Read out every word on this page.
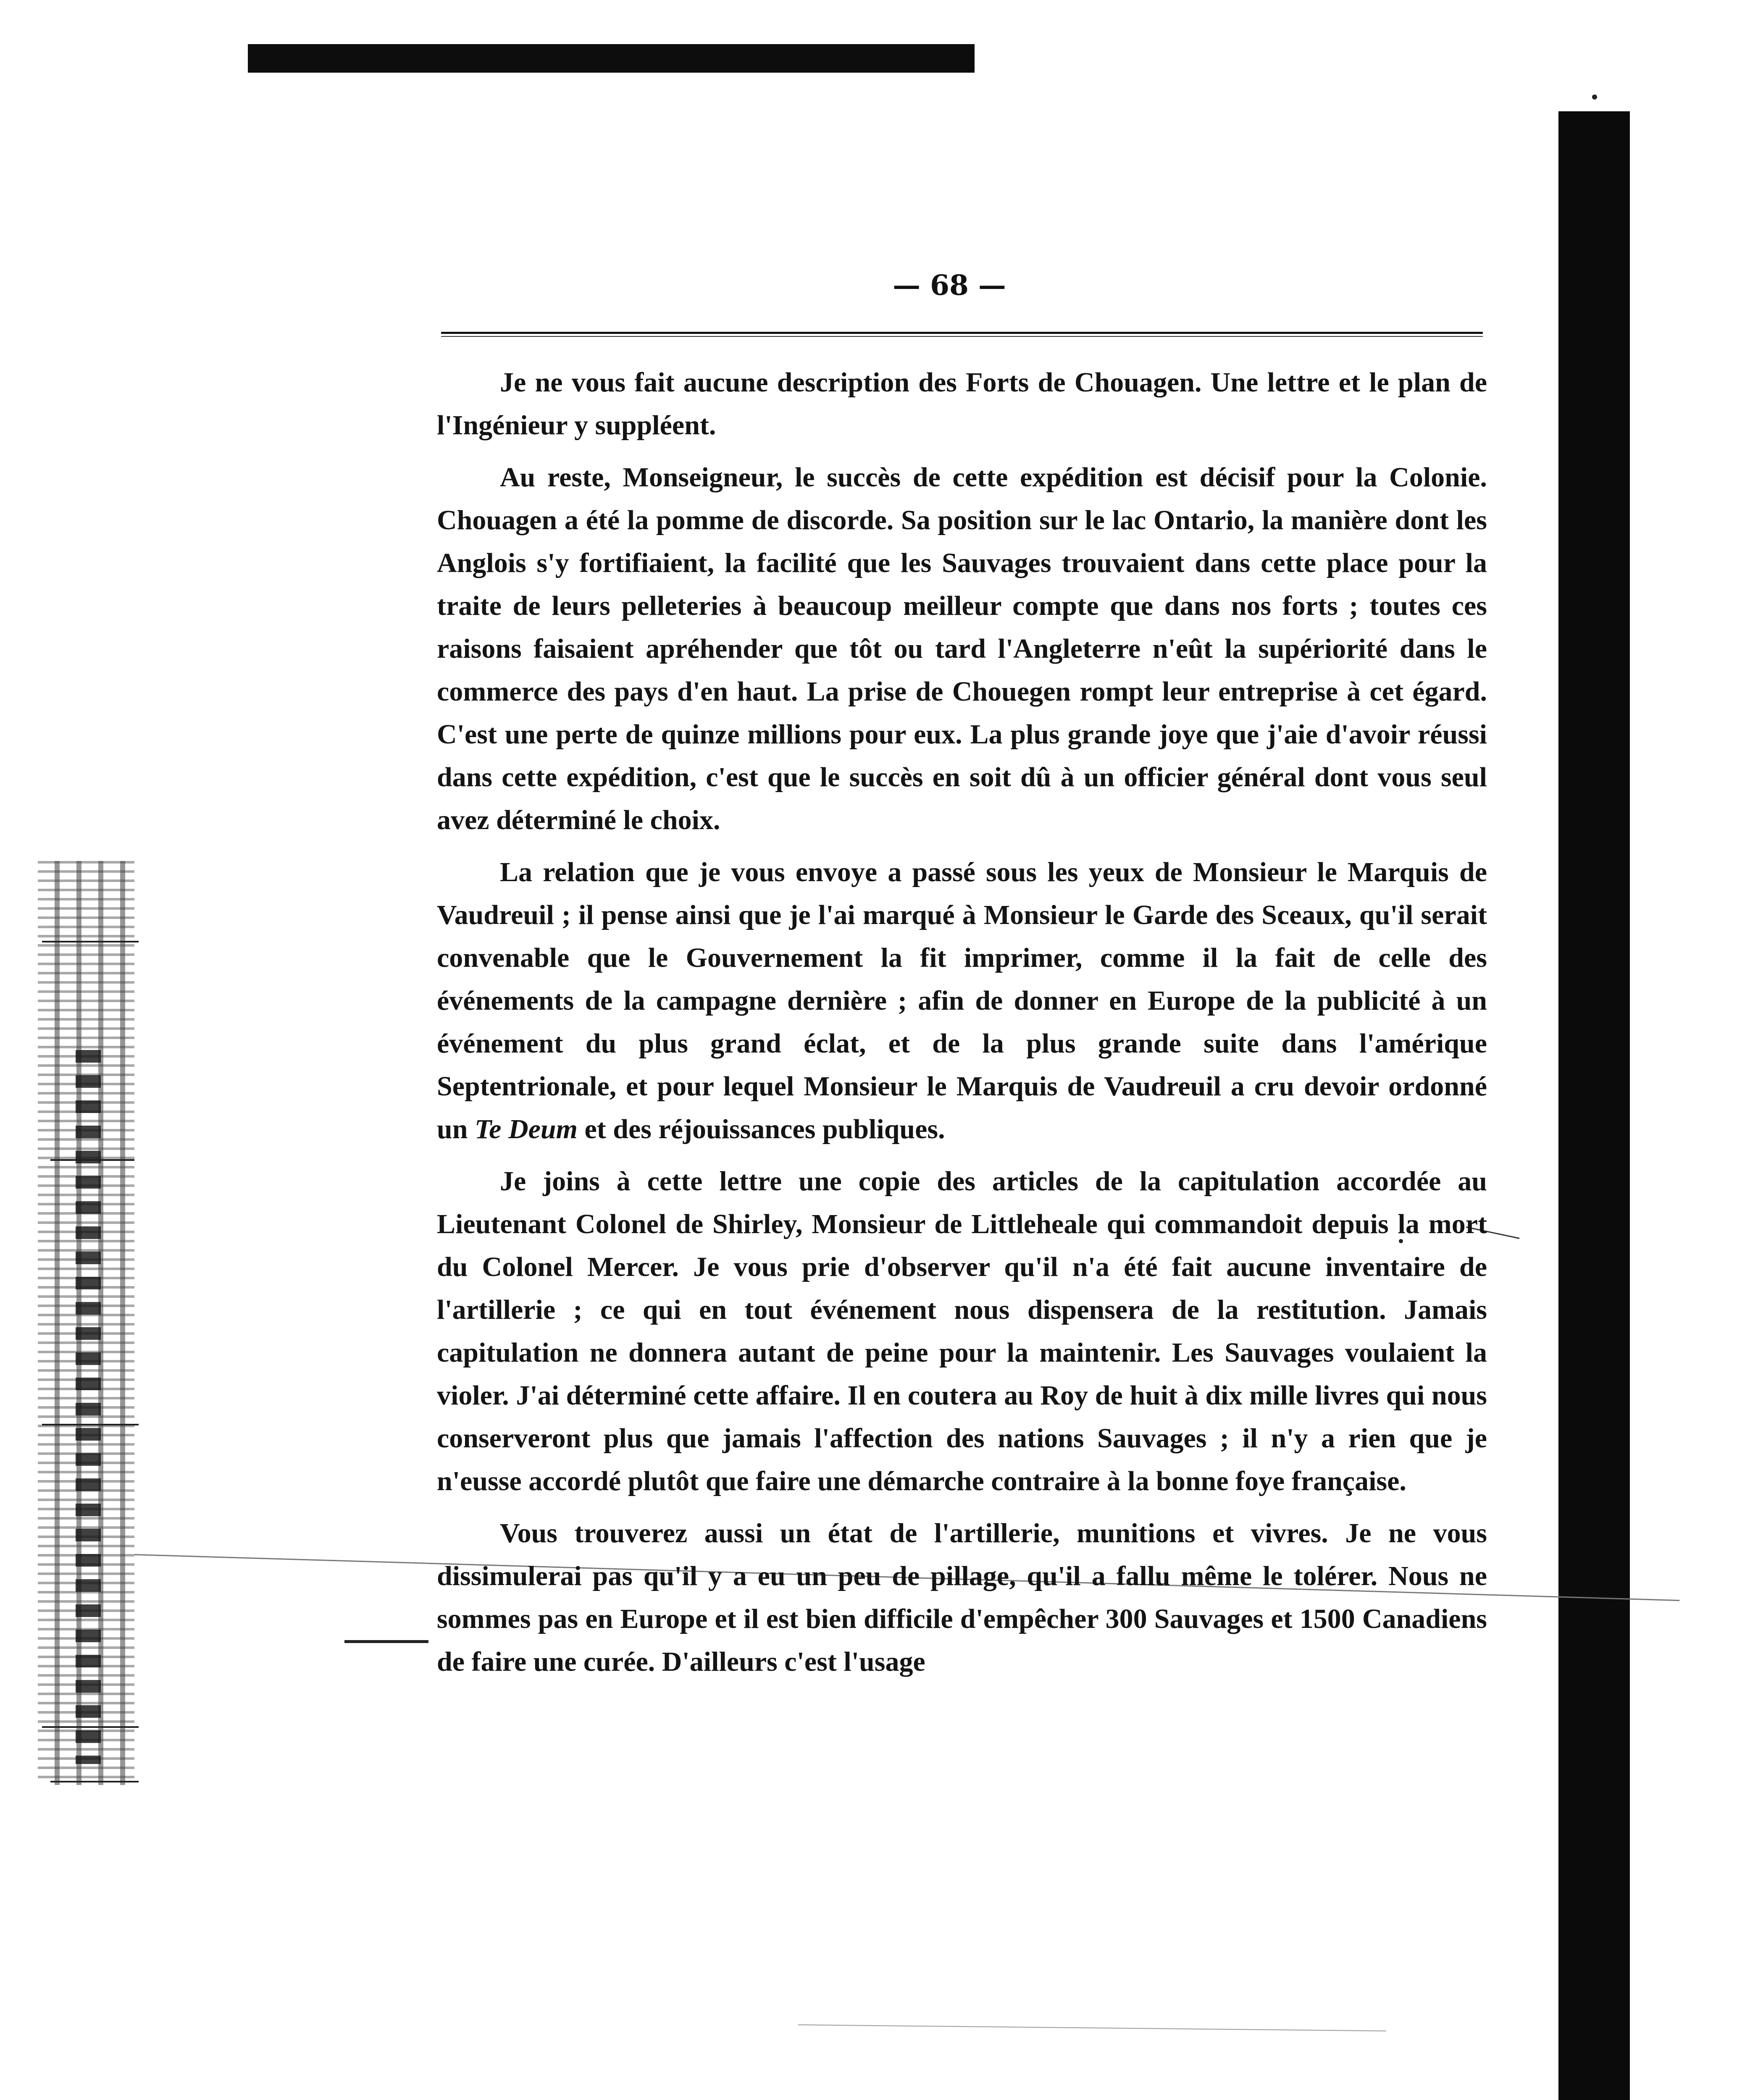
— 68 —

Je ne vous fait aucune description des Forts de Chouagen. Une lettre et le plan de l'Ingénieur y suppléent.

Au reste, Monseigneur, le succès de cette expédition est décisif pour la Colonie. Chouagen a été la pomme de discorde. Sa position sur le lac Ontario, la manière dont les Anglois s'y fortifiaient, la facilité que les Sauvages trouvaient dans cette place pour la traite de leurs pelleteries à beaucoup meilleur compte que dans nos forts ; toutes ces raisons faisaient apréhender que tôt ou tard l'Angleterre n'eût la supériorité dans le commerce des pays d'en haut. La prise de Chouegen rompt leur entreprise à cet égard. C'est une perte de quinze millions pour eux. La plus grande joye que j'aie d'avoir réussi dans cette expédition, c'est que le succès en soit dû à un officier général dont vous seul avez déterminé le choix.

La relation que je vous envoye a passé sous les yeux de Monsieur le Marquis de Vaudreuil ; il pense ainsi que je l'ai marqué à Monsieur le Garde des Sceaux, qu'il serait convenable que le Gouvernement la fit imprimer, comme il la fait de celle des événements de la campagne dernière ; afin de donner en Europe de la publicité à un événement du plus grand éclat, et de la plus grande suite dans l'amérique Septentrionale, et pour lequel Monsieur le Marquis de Vaudreuil a cru devoir ordonné un Te Deum et des réjouissances publiques.

Je joins à cette lettre une copie des articles de la capitulation accordée au Lieutenant Colonel de Shirley, Monsieur de Littleheale qui commandoit depuis la mort du Colonel Mercer. Je vous prie d'observer qu'il n'a été fait aucune inventaire de l'artillerie ; ce qui en tout événement nous dispensera de la restitution. Jamais capitulation ne donnera autant de peine pour la maintenir. Les Sauvages voulaient la violer. J'ai déterminé cette affaire. Il en coutera au Roy de huit à dix mille livres qui nous conserveront plus que jamais l'affection des nations Sauvages ; il n'y a rien que je n'eusse accordé plutôt que faire une démarche contraire à la bonne foye française.

Vous trouverez aussi un état de l'artillerie, munitions et vivres. Je ne vous dissimulerai pas qu'il y a eu un peu de pillage, qu'il a fallu même le tolérer. Nous ne sommes pas en Europe et il est bien difficile d'empêcher 300 Sauvages et 1500 Canadiens de faire une curée. D'ailleurs c'est l'usage
